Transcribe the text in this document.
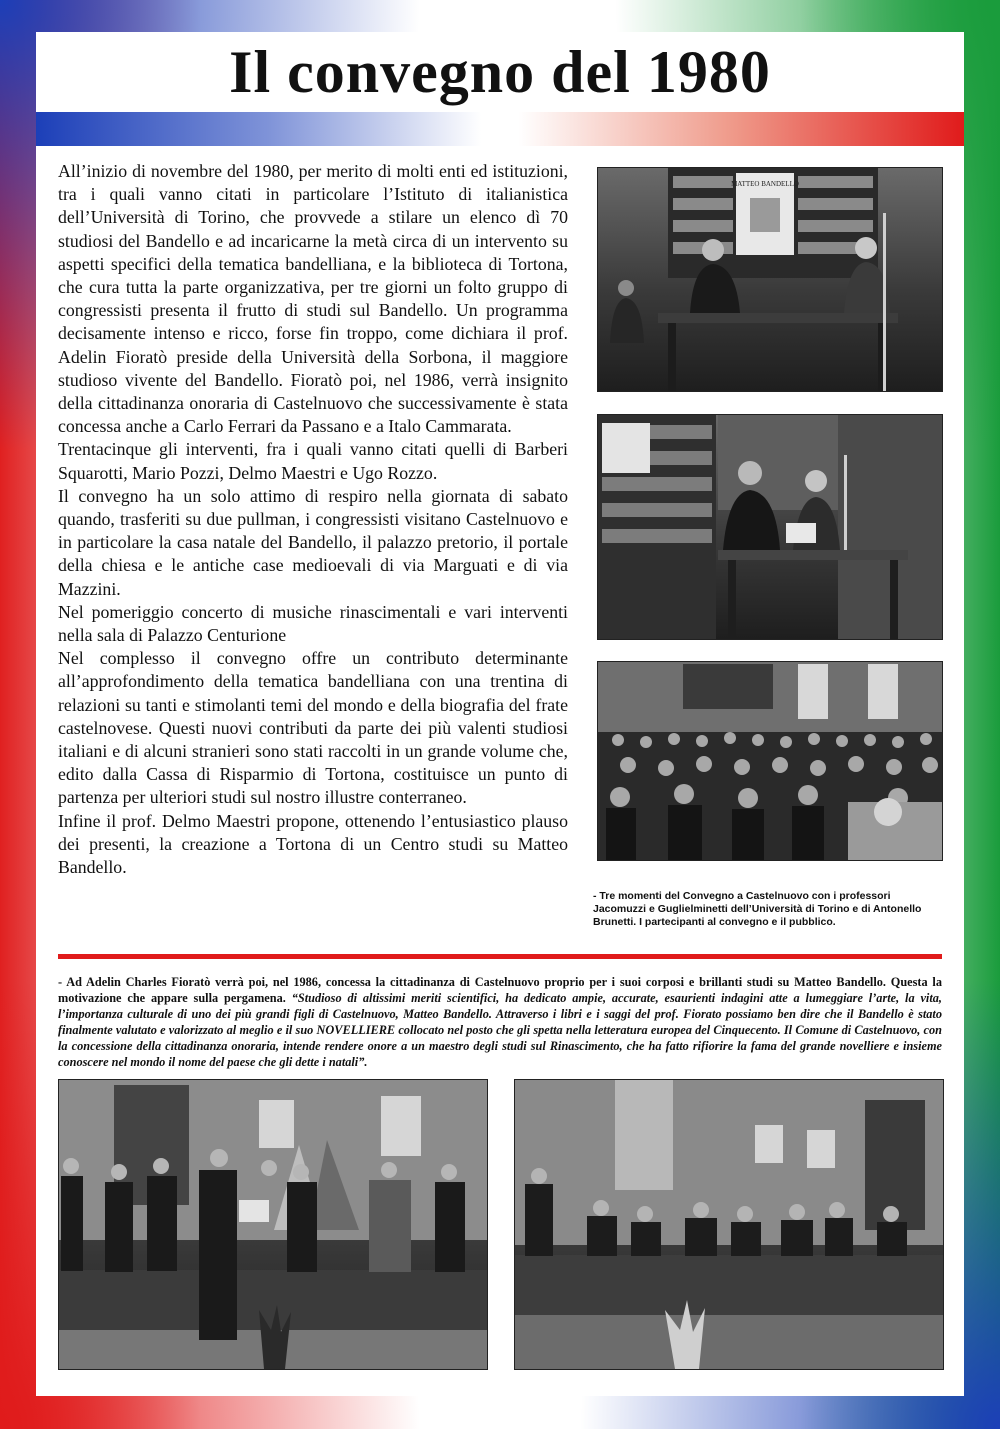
Il convegno del 1980

All’inizio di novembre del 1980, per merito di molti enti ed istituzioni, tra i quali vanno citati in particolare l’Istituto di italianistica dell’Università di Torino, che provvede a stilare un elenco dì 70 studiosi del Bandello e ad incaricarne la metà circa di un intervento su aspetti specifici della tematica bandelliana, e la biblioteca di Tortona, che cura tutta la parte organizzativa, per tre giorni un folto gruppo di congressisti presenta il frutto di studi sul Bandello. Un programma decisamente intenso e ricco, forse fin troppo, come dichiara il prof. Adelin Fioratò preside della Università della Sorbona, il maggiore studioso vivente del Bandello. Fioratò poi, nel 1986, verrà insignito della cittadinanza onoraria di Castelnuovo che successivamente è stata concessa anche a Carlo Ferrari da Passano e a Italo Cammarata.

Trentacinque gli interventi, fra i quali vanno citati quelli di Barberi Squarotti, Mario Pozzi, Delmo Maestri e Ugo Rozzo.

Il convegno ha un solo attimo di respiro nella giornata di sabato quando, trasferiti su due pullman, i congressisti visitano Castelnuovo e in particolare la casa natale del Bandello, il palazzo pretorio, il portale della chiesa e le antiche case medioevali di via Marguati e di via Mazzini.

Nel pomeriggio concerto di musiche rinascimentali e vari interventi nella sala di Palazzo Centurione

Nel complesso il convegno offre un contributo determinante all’approfondimento della tematica bandelliana con una trentina di relazioni su tanti e stimolanti temi del mondo e della biografia del frate castelnovese. Questi nuovi contributi da parte dei più valenti studiosi italiani e di alcuni stranieri sono stati raccolti in un grande volume che, edito dalla Cassa di Risparmio di Tortona, costituisce un punto di partenza per ulteriori studi sul nostro illustre conterraneo.

Infine il prof. Delmo Maestri propone, ottenendo l’entusiastico plauso dei presenti, la creazione a Tortona di un Centro studi su Matteo Bandello.

MATTEO BANDELLO
- Tre momenti del Convegno a Castelnuovo con i professori Jacomuzzi e Guglielminetti dell’Università di Torino e di Antonello Brunetti. I partecipanti al convegno e il pubblico.
- Ad Adelin Charles Fioratò verrà poi, nel 1986, concessa la cittadinanza di Castelnuovo proprio per i suoi corposi e brillanti studi su Matteo Bandello. Questa la motivazione che appare sulla pergamena. “Studioso di altissimi meriti scientifici, ha dedicato ampie, accurate, esaurienti indagini atte a lumeggiare l’arte, la vita, l’importanza culturale di uno dei più grandi figli di Castelnuovo, Matteo Bandello. Attraverso i libri e i saggi del prof. Fiorato possiamo ben dire che il Bandello è stato finalmente valutato e valorizzato al meglio e il suo NOVELLIERE collocato nel posto che gli spetta nella letteratura europea del Cinquecento. Il Comune di Castelnuovo, con la concessione della cittadinanza onoraria, intende rendere onore a un maestro degli studi sul Rinascimento, che ha fatto rifiorire la fama del grande novelliere e insieme conoscere nel mondo il nome del paese che gli dette i natali”.
